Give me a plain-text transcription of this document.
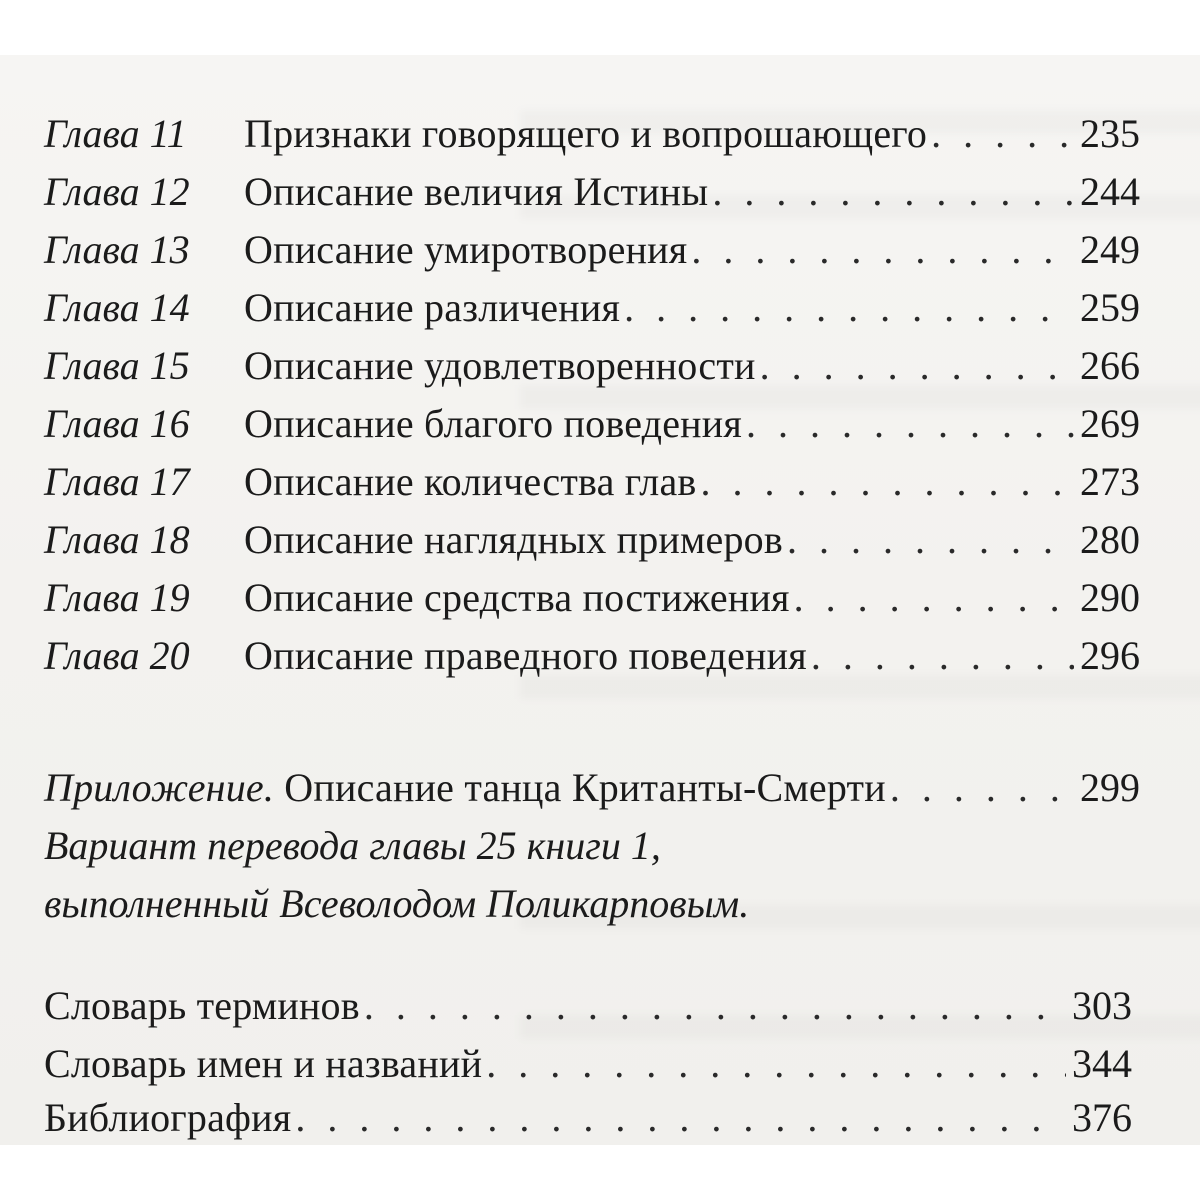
Глава 11	Признаки говорящего и вопрошающего . . .	235
Глава 12	Описание величия Истины . . .	244
Глава 13	Описание умиротворения . . .	249
Глава 14	Описание различения . . .	259
Глава 15	Описание удовлетворенности . . .	266
Глава 16	Описание благого поведения . . .	269
Глава 17	Описание количества глав . . .	273
Глава 18	Описание наглядных примеров . . .	280
Глава 19	Описание средства постижения . . .	290
Глава 20	Описание праведного поведения . . .	296
Приложение. Описание танца Кританты-Смерти . . .	299
Вариант перевода главы 25 книги 1,
выполненный Всеволодом Поликарповым.
Словарь терминов . . .	303
Словарь имен и названий . . .	344
Библиография . . .	376
